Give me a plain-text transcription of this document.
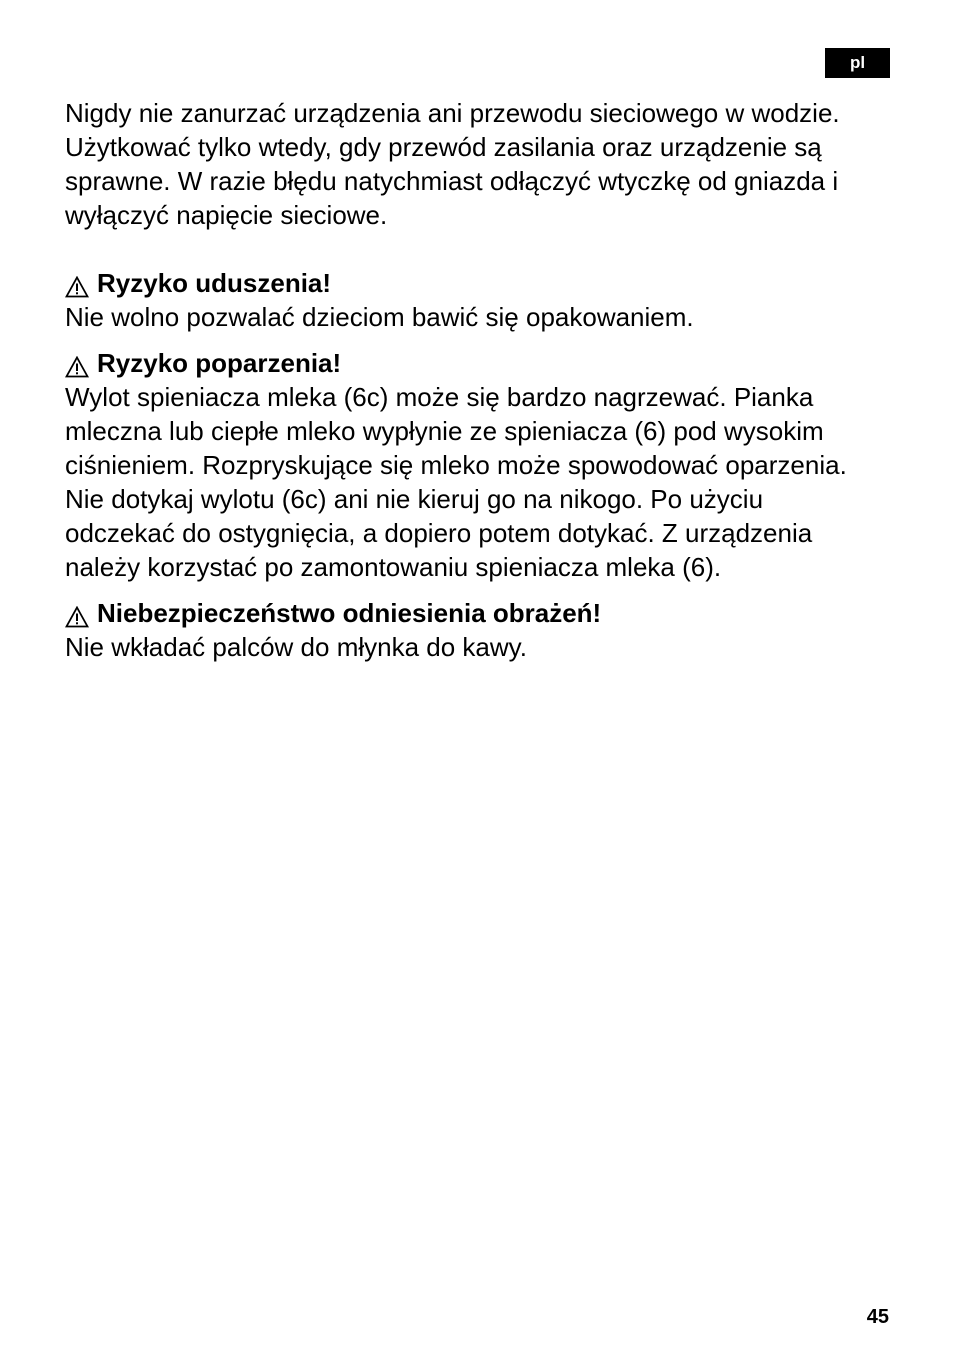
pl

Nigdy nie zanurzać urządzenia ani przewodu sieciowego w wodzie.
Użytkować tylko wtedy, gdy przewód zasilania oraz urządzenie są
sprawne. W razie błędu natychmiast odłączyć wtyczkę od gniazda i
wyłączyć napięcie sieciowe.

Ryzyko uduszenia!

Nie wolno pozwalać dzieciom bawić się opakowaniem.

Ryzyko poparzenia!

Wylot spieniacza mleka (6c) może się bardzo nagrzewać. Pianka
mleczna lub ciepłe mleko wypłynie ze spieniacza (6) pod wysokim
ciśnieniem. Rozpryskujące się mleko może spowodować oparzenia.
Nie dotykaj wylotu (6c) ani nie kieruj go na nikogo. Po użyciu
odczekać do ostygnięcia, a dopiero potem dotykać. Z urządzenia
należy korzystać po zamontowaniu spieniacza mleka (6).

Niebezpieczeństwo odniesienia obrażeń!

Nie wkładać palców do młynka do kawy.

45
